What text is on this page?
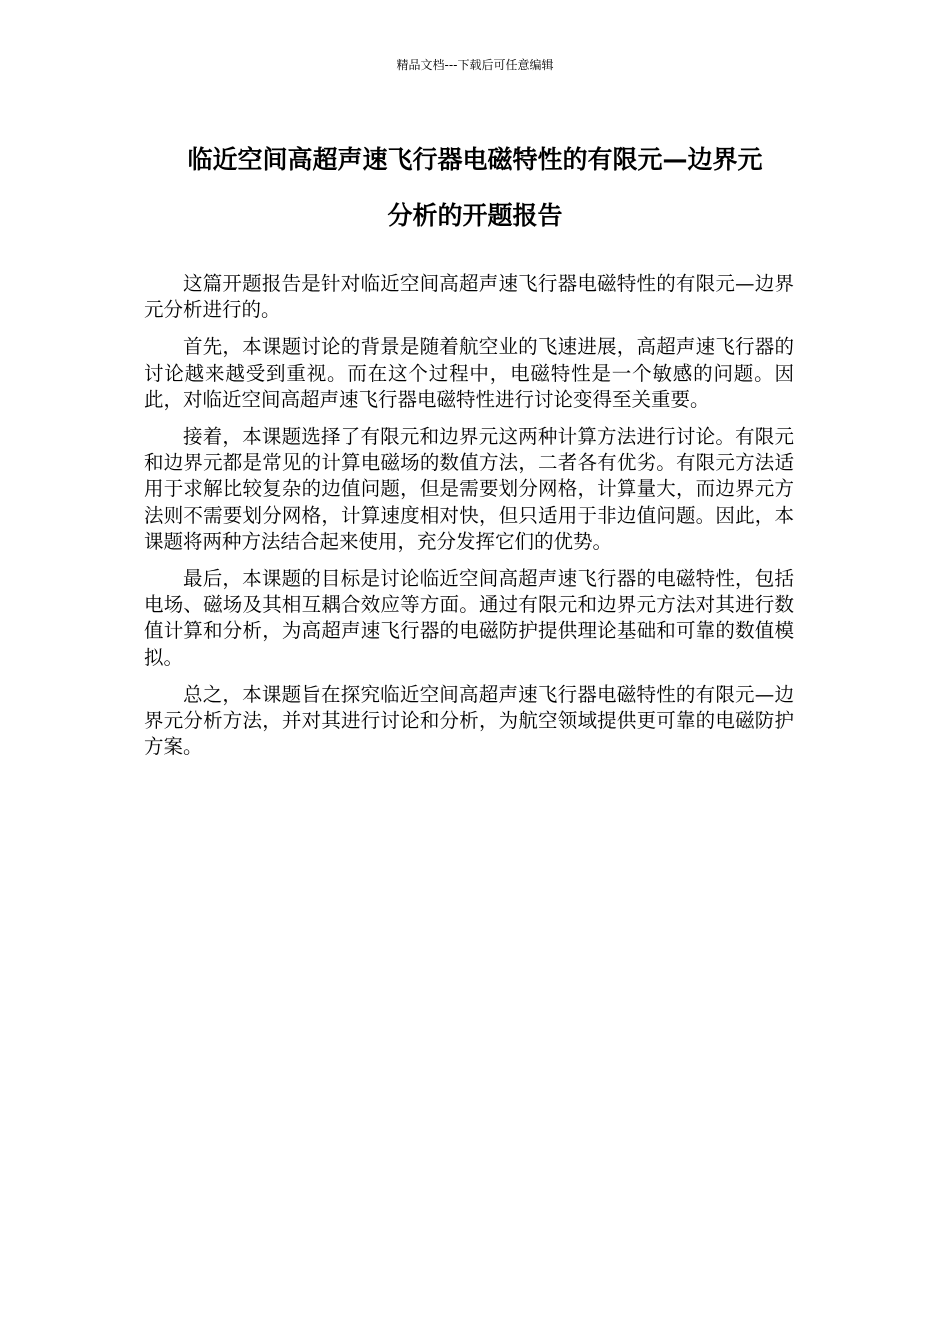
精品文档---下载后可任意编辑
临近空间高超声速飞行器电磁特性的有限元—边界元
分析的开题报告

这篇开题报告是针对临近空间高超声速飞行器电磁特性的有限元—边界元分析进行的。

首先，本课题讨论的背景是随着航空业的飞速进展，高超声速飞行器的讨论越来越受到重视。而在这个过程中，电磁特性是一个敏感的问题。因此，对临近空间高超声速飞行器电磁特性进行讨论变得至关重要。

接着，本课题选择了有限元和边界元这两种计算方法进行讨论。有限元和边界元都是常见的计算电磁场的数值方法，二者各有优劣。有限元方法适用于求解比较复杂的边值问题，但是需要划分网格，计算量大，而边界元方法则不需要划分网格，计算速度相对快，但只适用于非边值问题。因此，本课题将两种方法结合起来使用，充分发挥它们的优势。

最后，本课题的目标是讨论临近空间高超声速飞行器的电磁特性，包括电场、磁场及其相互耦合效应等方面。通过有限元和边界元方法对其进行数值计算和分析，为高超声速飞行器的电磁防护提供理论基础和可靠的数值模拟。

总之，本课题旨在探究临近空间高超声速飞行器电磁特性的有限元—边界元分析方法，并对其进行讨论和分析，为航空领域提供更可靠的电磁防护方案。
